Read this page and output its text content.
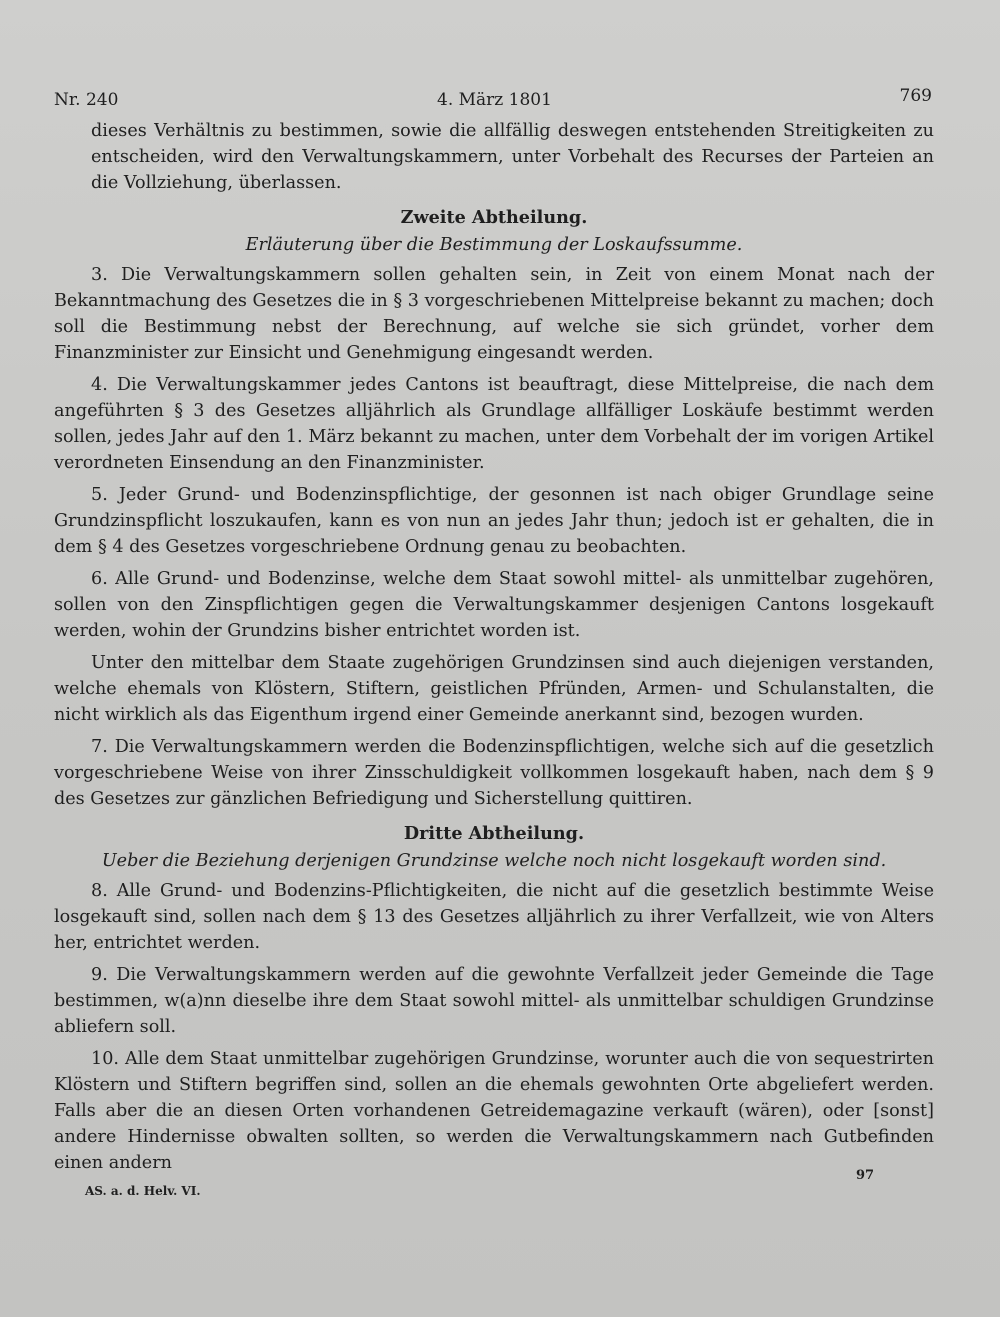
Nr. 240	4. März 1801	769

dieses Verhältnis zu bestimmen, sowie die allfällig deswegen entstehenden Streitigkeiten zu entscheiden, wird den Verwaltungskammern, unter Vorbehalt des Recurses der Parteien an die Vollziehung, überlassen.

Zweite Abtheilung.
Erläuterung über die Bestimmung der Loskaufssumme.

3. Die Verwaltungskammern sollen gehalten sein, in Zeit von einem Monat nach der Bekanntmachung des Gesetzes die in § 3 vorgeschriebenen Mittelpreise bekannt zu machen; doch soll die Bestimmung nebst der Berechnung, auf welche sie sich gründet, vorher dem Finanzminister zur Einsicht und Genehmigung eingesandt werden.

4. Die Verwaltungskammer jedes Cantons ist beauftragt, diese Mittelpreise, die nach dem angeführten § 3 des Gesetzes alljährlich als Grundlage allfälliger Loskäufe bestimmt werden sollen, jedes Jahr auf den 1. März bekannt zu machen, unter dem Vorbehalt der im vorigen Artikel verordneten Einsendung an den Finanzminister.

5. Jeder Grund- und Bodenzinspflichtige, der gesonnen ist nach obiger Grundlage seine Grundzinspflicht loszukaufen, kann es von nun an jedes Jahr thun; jedoch ist er gehalten, die in dem § 4 des Gesetzes vorgeschriebene Ordnung genau zu beobachten.

6. Alle Grund- und Bodenzinse, welche dem Staat sowohl mittel- als unmittelbar zugehören, sollen von den Zinspflichtigen gegen die Verwaltungskammer desjenigen Cantons losgekauft werden, wohin der Grundzins bisher entrichtet worden ist.

Unter den mittelbar dem Staate zugehörigen Grundzinsen sind auch diejenigen verstanden, welche ehemals von Klöstern, Stiftern, geistlichen Pfründen, Armen- und Schulanstalten, die nicht wirklich als das Eigenthum irgend einer Gemeinde anerkannt sind, bezogen wurden.

7. Die Verwaltungskammern werden die Bodenzinspflichtigen, welche sich auf die gesetzlich vorgeschriebene Weise von ihrer Zinsschuldigkeit vollkommen losgekauft haben, nach dem § 9 des Gesetzes zur gänzlichen Befriedigung und Sicherstellung quittiren.

Dritte Abtheilung.
Ueber die Beziehung derjenigen Grundzinse welche noch nicht losgekauft worden sind.

8. Alle Grund- und Bodenzins-Pflichtigkeiten, die nicht auf die gesetzlich bestimmte Weise losgekauft sind, sollen nach dem § 13 des Gesetzes alljährlich zu ihrer Verfallzeit, wie von Alters her, entrichtet werden.

9. Die Verwaltungskammern werden auf die gewohnte Verfallzeit jeder Gemeinde die Tage bestimmen, w(a)nn dieselbe ihre dem Staat sowohl mittel- als unmittelbar schuldigen Grundzinse abliefern soll.

10. Alle dem Staat unmittelbar zugehörigen Grundzinse, worunter auch die von sequestrirten Klöstern und Stiftern begriffen sind, sollen an die ehemals gewohnten Orte abgeliefert werden. Falls aber die an diesen Orten vorhandenen Getreidemagazine verkauft (wären), oder [sonst] andere Hindernisse obwalten sollten, so werden die Verwaltungskammern nach Gutbefinden einen andern

97
AS. a. d. Helv. VI.
